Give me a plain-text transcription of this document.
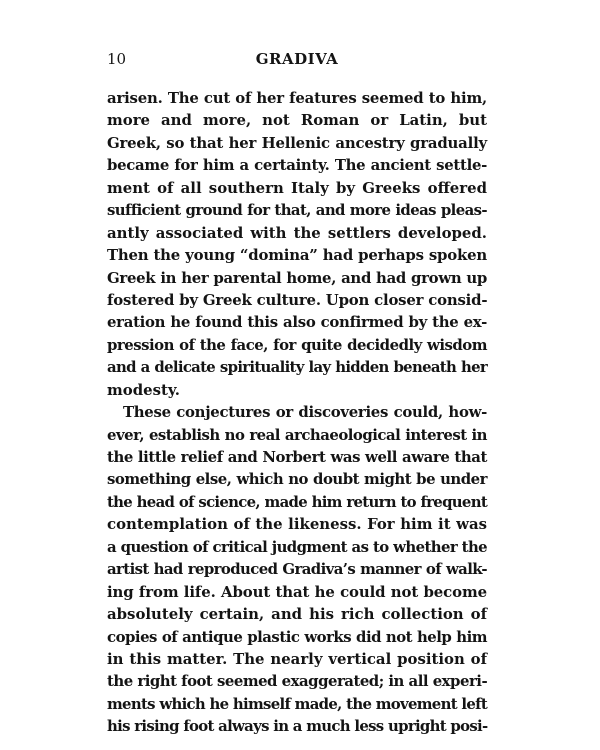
10	GRADIVA
arisen. The cut of her features seemed to him,
more and more, not Roman or Latin, but
Greek, so that her Hellenic ancestry gradually
became for him a certainty. The ancient settle-
ment of all southern Italy by Greeks offered
sufficient ground for that, and more ideas pleas-
antly associated with the settlers developed.
Then the young “domina” had perhaps spoken
Greek in her parental home, and had grown up
fostered by Greek culture. Upon closer consid-
eration he found this also confirmed by the ex-
pression of the face, for quite decidedly wisdom
and a delicate spirituality lay hidden beneath her
modesty.
These conjectures or discoveries could, how-
ever, establish no real archaeological interest in
the little relief and Norbert was well aware that
something else, which no doubt might be under
the head of science, made him return to frequent
contemplation of the likeness. For him it was
a question of critical judgment as to whether the
artist had reproduced Gradiva’s manner of walk-
ing from life. About that he could not become
absolutely certain, and his rich collection of
copies of antique plastic works did not help him
in this matter. The nearly vertical position of
the right foot seemed exaggerated; in all experi-
ments which he himself made, the movement left
his rising foot always in a much less upright posi-
